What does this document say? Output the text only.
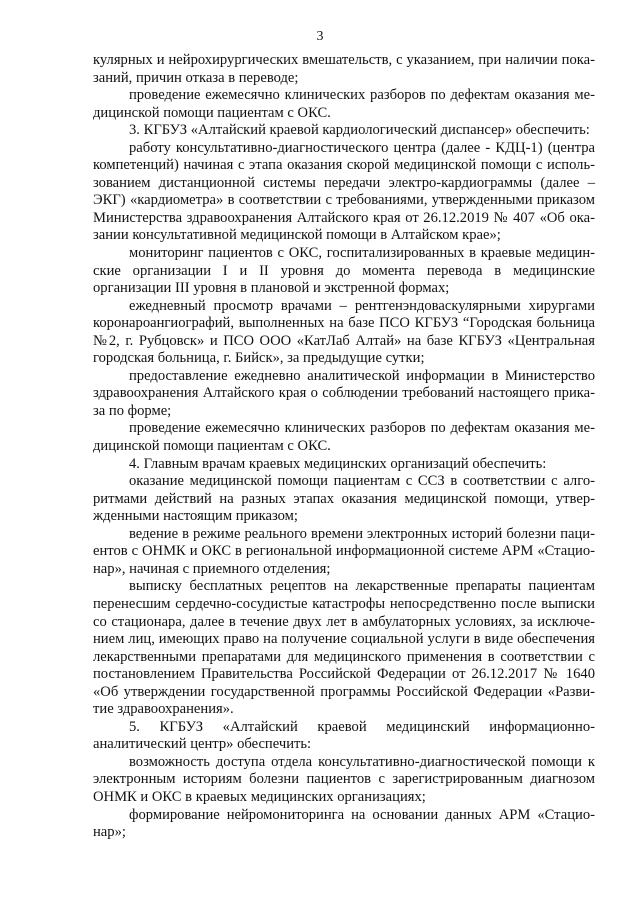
3

кулярных и нейрохирургических вмешательств, с указанием, при наличии показаний, причин отказа в переводе;

проведение ежемесячно клинических разборов по дефектам оказания медицинской помощи пациентам с ОКС.

3. КГБУЗ «Алтайский краевой кардиологический диспансер» обеспечить:

работу консультативно-диагностического центра (далее - КДЦ-1) (центра компетенций) начиная с этапа оказания скорой медицинской помощи с использованием дистанционной системы передачи электро-кардиограммы (далее – ЭКГ) «кардиометра» в соответствии с требованиями, утвержденными приказом Министерства здравоохранения Алтайского края от 26.12.2019 № 407 «Об оказании консультативной медицинской помощи в Алтайском крае»;

мониторинг пациентов с ОКС, госпитализированных в краевые медицинские организации I и II уровня до момента перевода в медицинские организации III уровня в плановой и экстренной формах;

ежедневный просмотр врачами – рентгенэндоваскулярными хирургами коронароангиографий, выполненных на базе ПСО КГБУЗ “Городская больница №2, г. Рубцовск» и ПСО ООО «КатЛаб Алтай» на базе КГБУЗ «Центральная городская больница, г. Бийск», за предыдущие сутки;

предоставление ежедневно аналитической информации в Министерство здравоохранения Алтайского края о соблюдении требований настоящего приказа по форме;

проведение ежемесячно клинических разборов по дефектам оказания медицинской помощи пациентам с ОКС.

4. Главным врачам краевых медицинских организаций обеспечить:

оказание медицинской помощи пациентам с ССЗ в соответствии с алгоритмами действий на разных этапах оказания медицинской помощи, утвержденными настоящим приказом;

ведение в режиме реального времени электронных историй болезни пациентов с ОНМК и ОКС в региональной информационной системе АРМ «Стационар», начиная с приемного отделения;

выписку бесплатных рецептов на лекарственные препараты пациентам перенесшим сердечно-сосудистые катастрофы непосредственно после выписки со стационара, далее в течение двух лет в амбулаторных условиях, за исключением лиц, имеющих право на получение социальной услуги в виде обеспечения лекарственными препаратами для медицинского применения в соответствии с постановлением Правительства Российской Федерации от 26.12.2017 № 1640 «Об утверждении государственной программы Российской Федерации «Развитие здравоохранения».

5. КГБУЗ «Алтайский краевой медицинский информационно-аналитический центр» обеспечить:

возможность доступа отдела консультативно-диагностической помощи к электронным историям болезни пациентов с зарегистрированным диагнозом ОНМК и ОКС в краевых медицинских организациях;

формирование нейромониторинга на основании данных АРМ «Стационар»;
